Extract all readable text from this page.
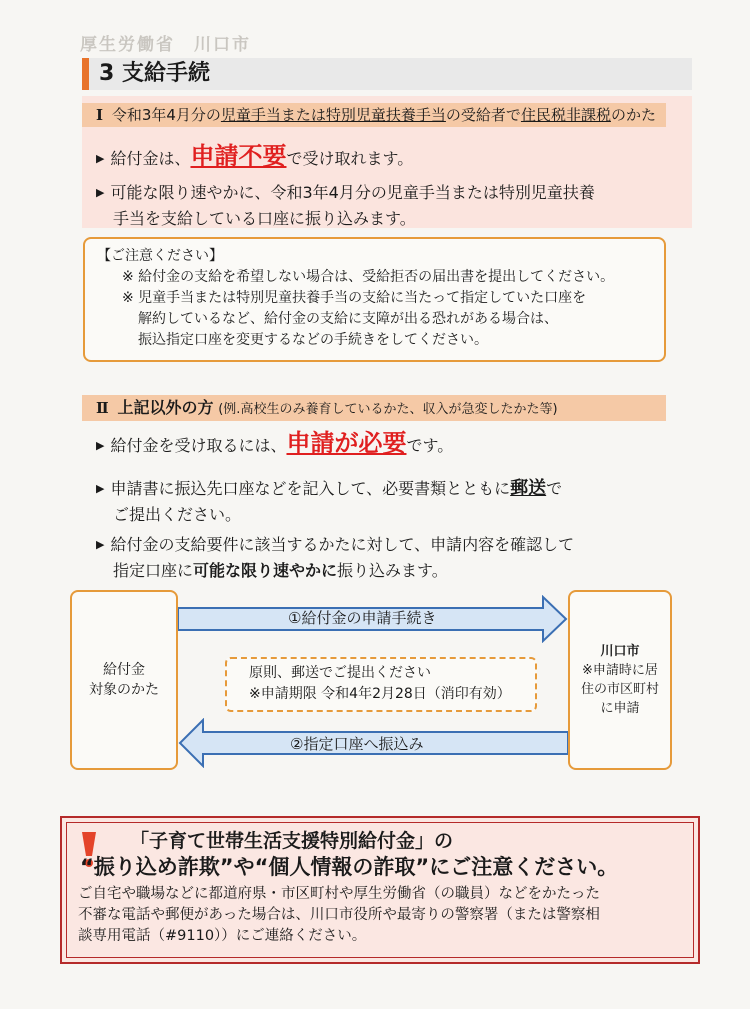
厚生労働省　川口市
3 支給手続
Ⅰ 令和3年4月分の児童手当または特別児童扶養手当の受給者で住民税非課税のかた
▶ 給付金は、申請不要で受け取れます。
▶ 可能な限り速やかに、令和3年4月分の児童手当または特別児童扶養
手当を支給している口座に振り込みます。
【ご注意ください】
※ 給付金の支給を希望しない場合は、受給拒否の届出書を提出してください。
※ 児童手当または特別児童扶養手当の支給に当たって指定していた口座を
解約しているなど、給付金の支給に支障が出る恐れがある場合は、
振込指定口座を変更するなどの手続きをしてください。
Ⅱ 上記以外の方 (例.高校生のみ養育しているかた、収入が急変したかた等)
▶ 給付金を受け取るには、申請が必要です。
▶ 申請書に振込先口座などを記入して、必要書類とともに郵送で
ご提出ください。
▶ 給付金の支給要件に該当するかたに対して、申請内容を確認して
指定口座に可能な限り速やかに振り込みます。
給付金
対象のかた
川口市
※申請時に居
住の市区町村
に申請
①給付金の申請手続き
②指定口座へ振込み
原則、郵送でご提出ください
※申請期限 令和4年2月28日（消印有効）
「子育て世帯生活支援特別給付金」の
“振り込め詐欺”や“個人情報の詐取”にご注意ください。
ご自宅や職場などに都道府県・市区町村や厚生労働省（の職員）などをかたった
不審な電話や郵便があった場合は、川口市役所や最寄りの警察署（または警察相
談専用電話（#9110））にご連絡ください。
